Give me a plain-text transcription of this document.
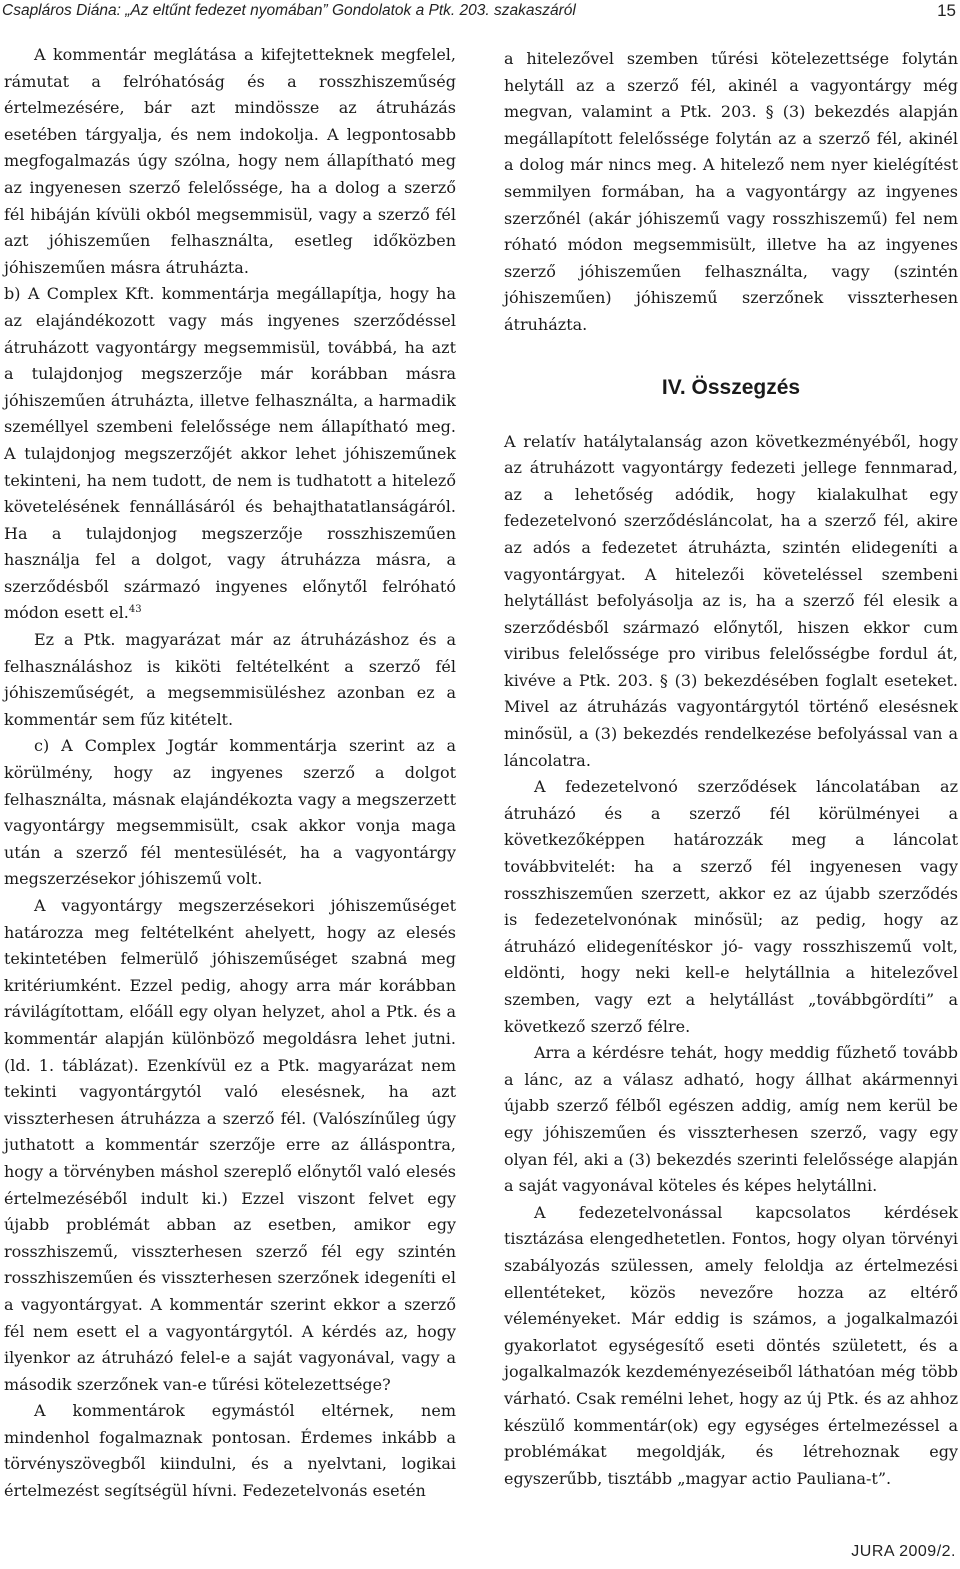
Csapláros Diána: „Az eltűnt fedezet nyomában” Gondolatok a Ptk. 203. szakaszáról	15

A kommentár meglátása a kifejtetteknek megfelel, rámutat a felróhatóság és a rosszhiszeműség értelmezésére, bár azt mindössze az átruházás esetében tárgyalja, és nem indokolja. A legpontosabb megfogalmazás úgy szólna, hogy nem állapítható meg az ingyenesen szerző felelőssége, ha a dolog a szerző fél hibáján kívüli okból megsemmisül, vagy a szerző fél azt jóhiszeműen felhasználta, esetleg időközben jóhiszeműen másra átruházta.

b) A Complex Kft. kommentárja megállapítja, hogy ha az elajándékozott vagy más ingyenes szerződéssel átruházott vagyontárgy megsemmisül, továbbá, ha azt a tulajdonjog megszerzője már korábban másra jóhiszeműen átruházta, illetve felhasználta, a harmadik személlyel szembeni felelőssége nem állapítható meg. A tulajdonjog megszerzőjét akkor lehet jóhiszeműnek tekinteni, ha nem tudott, de nem is tudhatott a hitelező követelésének fennállásáról és behajthatatlanságáról. Ha a tulajdonjog megszerzője rosszhiszeműen használja fel a dolgot, vagy átruházza másra, a szerződésből származó ingyenes előnytől felróható módon esett el.$^{43}$

Ez a Ptk. magyarázat már az átruházáshoz és a felhasználáshoz is kiköti feltételként a szerző fél jóhiszeműségét, a megsemmisüléshez azonban ez a kommentár sem fűz kitételt.

c) A Complex Jogtár kommentárja szerint az a körülmény, hogy az ingyenes szerző a dolgot felhasználta, másnak elajándékozta vagy a megszerzett vagyontárgy megsemmisült, csak akkor vonja maga után a szerző fél mentesülését, ha a vagyontárgy megszerzésekor jóhiszemű volt.

A vagyontárgy megszerzésekori jóhiszeműséget határozza meg feltételként ahelyett, hogy az elesés tekintetében felmerülő jóhiszeműséget szabná meg kritériumként. Ezzel pedig, ahogy arra már korábban rávilágítottam, előáll egy olyan helyzet, ahol a Ptk. és a kommentár alapján különböző megoldásra lehet jutni. (ld. 1. táblázat). Ezenkívül ez a Ptk. magyarázat nem tekinti vagyontárgytól való elesésnek, ha azt visszterhesen átruházza a szerző fél. (Valószínűleg úgy juthatott a kommentár szerzője erre az álláspontra, hogy a törvényben máshol szereplő előnytől való elesés értelmezéséből indult ki.) Ezzel viszont felvet egy újabb problémát abban az esetben, amikor egy rosszhiszemű, visszterhesen szerző fél egy szintén rosszhiszeműen és visszterhesen szerzőnek idegeníti el a vagyontárgyat. A kommentár szerint ekkor a szerző fél nem esett el a vagyontárgytól. A kérdés az, hogy ilyenkor az átruházó felel-e a saját vagyonával, vagy a második szerzőnek van-e tűrési kötelezettsége?

A kommentárok egymástól eltérnek, nem mindenhol fogalmaznak pontosan. Érdemes inkább a törvényszövegből kiindulni, és a nyelvtani, logikai értelmezést segítségül hívni. Fedezetelvonás esetén

a hitelezővel szemben tűrési kötelezettsége folytán helytáll az a szerző fél, akinél a vagyontárgy még megvan, valamint a Ptk. 203. § (3) bekezdés alapján megállapított felelőssége folytán az a szerző fél, akinél a dolog már nincs meg. A hitelező nem nyer kielégítést semmilyen formában, ha a vagyontárgy az ingyenes szerzőnél (akár jóhiszemű vagy rosszhiszemű) fel nem róható módon megsemmisült, illetve ha az ingyenes szerző jóhiszeműen felhasználta, vagy (szintén jóhiszeműen) jóhiszemű szerzőnek visszterhesen átruházta.

IV. Összegzés

A relatív hatálytalanság azon következményéből, hogy az átruházott vagyontárgy fedezeti jellege fennmarad, az a lehetőség adódik, hogy kialakulhat egy fedezetelvonó szerződésláncolat, ha a szerző fél, akire az adós a fedezetet átruházta, szintén elidegeníti a vagyontárgyat. A hitelezői követeléssel szembeni helytállást befolyásolja az is, ha a szerző fél elesik a szerződésből származó előnytől, hiszen ekkor cum viribus felelőssége pro viribus felelősségbe fordul át, kivéve a Ptk. 203. § (3) bekezdésében foglalt eseteket. Mivel az átruházás vagyontárgytól történő elesésnek minősül, a (3) bekezdés rendelkezése befolyással van a láncolatra.

A fedezetelvonó szerződések láncolatában az átruházó és a szerző fél körülményei a következőképpen határozzák meg a láncolat továbbvitelét: ha a szerző fél ingyenesen vagy rosszhiszeműen szerzett, akkor ez az újabb szerződés is fedezetelvonónak minősül; az pedig, hogy az átruházó elidegenítéskor jó- vagy rosszhiszemű volt, eldönti, hogy neki kell-e helytállnia a hitelezővel szemben, vagy ezt a helytállást „továbbgördíti” a következő szerző félre.

Arra a kérdésre tehát, hogy meddig fűzhető tovább a lánc, az a válasz adható, hogy állhat akármennyi újabb szerző félből egészen addig, amíg nem kerül be egy jóhiszeműen és visszterhesen szerző, vagy egy olyan fél, aki a (3) bekezdés szerinti felelőssége alapján a saját vagyonával köteles és képes helytállni.

A fedezetelvonással kapcsolatos kérdések tisztázása elengedhetetlen. Fontos, hogy olyan törvényi szabályozás szülessen, amely feloldja az értelmezési ellentéteket, közös nevezőre hozza az eltérő véleményeket. Már eddig is számos, a jogalkalmazói gyakorlatot egységesítő eseti döntés született, és a jogalkalmazók kezdeményezéseiből láthatóan még több várható. Csak remélni lehet, hogy az új Ptk. és az ahhoz készülő kommentár(ok) egy egységes értelmezéssel a problémákat megoldják, és létrehoznak egy egyszerűbb, tisztább „magyar actio Pauliana-t”.

JURA 2009/2.
